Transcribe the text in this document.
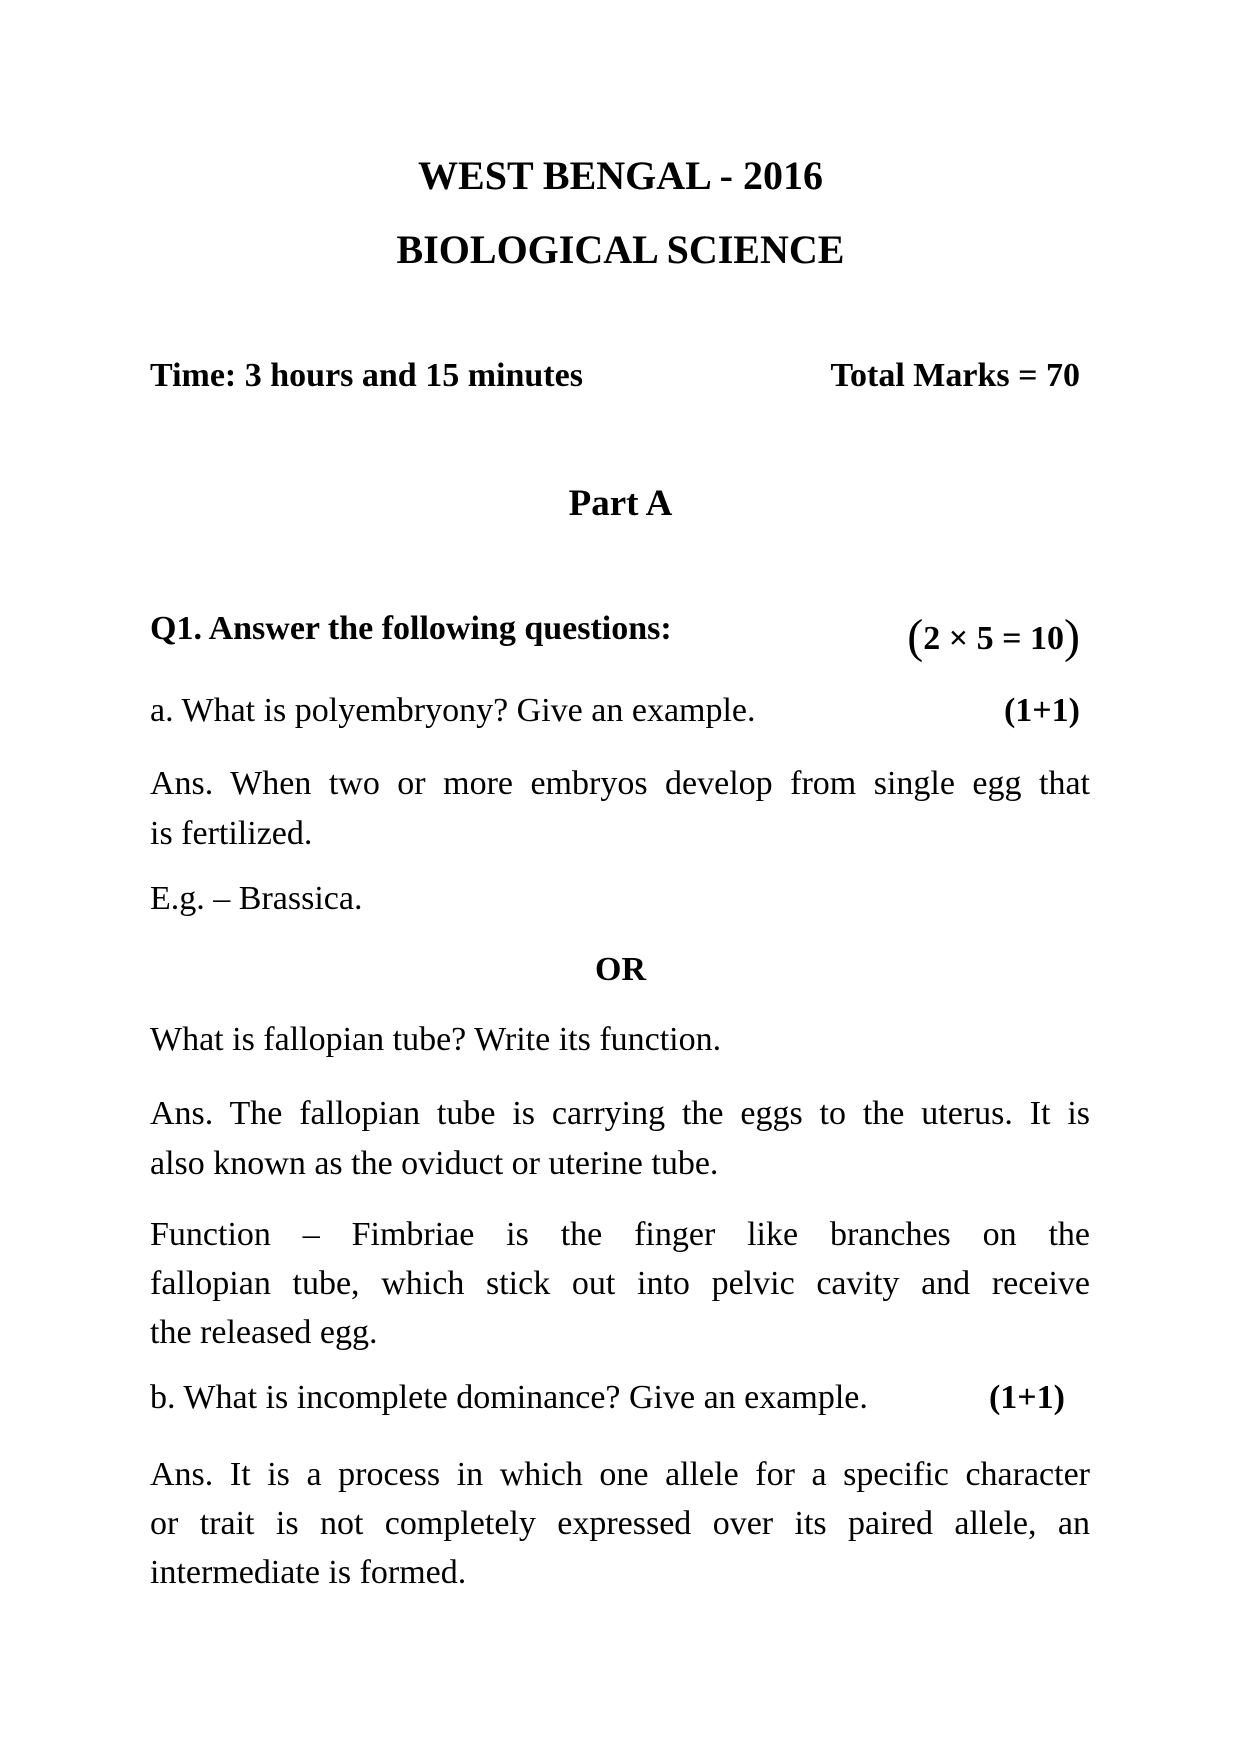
WEST BENGAL - 2016
BIOLOGICAL SCIENCE
Time: 3 hours and 15 minutes	Total Marks = 70
Part A
Q1. Answer the following questions:	(2 × 5 = 10)
a. What is polyembryony? Give an example.	(1+1)
Ans. When two or more embryos develop from single egg that
is fertilized.
E.g. – Brassica.
OR
What is fallopian tube? Write its function.
Ans. The fallopian tube is carrying the eggs to the uterus. It is
also known as the oviduct or uterine tube.
Function – Fimbriae is the finger like branches on the
fallopian tube, which stick out into pelvic cavity and receive
the released egg.
b. What is incomplete dominance? Give an example.	(1+1)
Ans. It is a process in which one allele for a specific character
or trait is not completely expressed over its paired allele, an
intermediate is formed.
